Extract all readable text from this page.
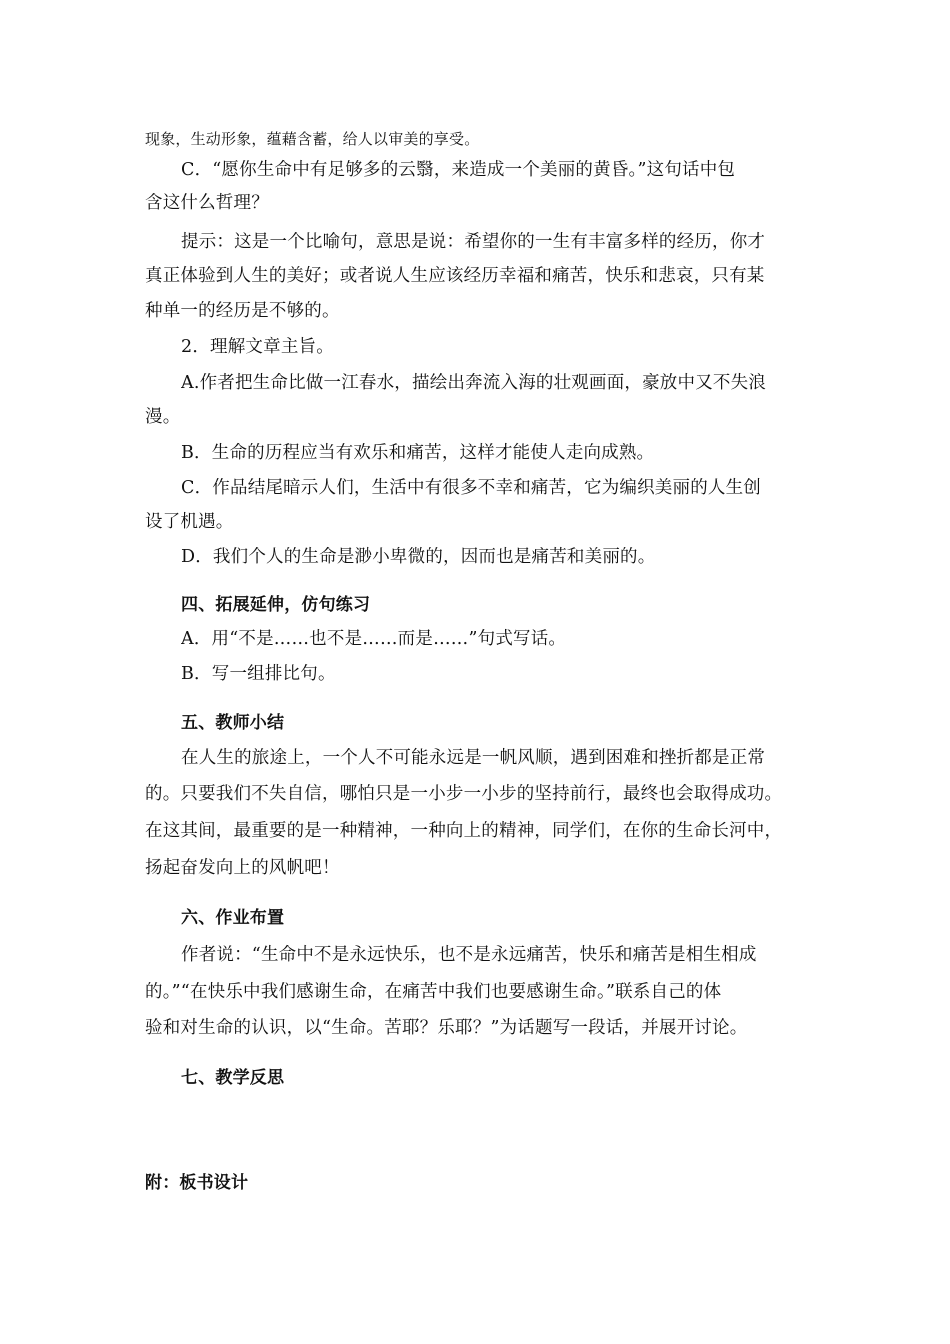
现象，生动形象，蕴藉含蓄，给人以审美的享受。
C．“愿你生命中有足够多的云翳，来造成一个美丽的黄昏。”这句话中包
含这什么哲理？
提示：这是一个比喻句，意思是说：希望你的一生有丰富多样的经历，你才
真正体验到人生的美好；或者说人生应该经历幸福和痛苦，快乐和悲哀，只有某
种单一的经历是不够的。
2．理解文章主旨。
A.作者把生命比做一江春水，描绘出奔流入海的壮观画面，豪放中又不失浪
漫。
B．生命的历程应当有欢乐和痛苦，这样才能使人走向成熟。
C．作品结尾暗示人们，生活中有很多不幸和痛苦，它为编织美丽的人生创
设了机遇。
D．我们个人的生命是渺小卑微的，因而也是痛苦和美丽的。
四、拓展延伸，仿句练习
A．用“不是……也不是……而是……”句式写话。
B．写一组排比句。
五、教师小结
在人生的旅途上，一个人不可能永远是一帆风顺，遇到困难和挫折都是正常
的。只要我们不失自信，哪怕只是一小步一小步的坚持前行，最终也会取得成功。
在这其间，最重要的是一种精神，一种向上的精神，同学们，在你的生命长河中，
扬起奋发向上的风帆吧！
六、作业布置
作者说：“生命中不是永远快乐，也不是永远痛苦，快乐和痛苦是相生相成
的。”“在快乐中我们感谢生命，在痛苦中我们也要感谢生命。”联系自己的体
验和对生命的认识，以“生命。苦耶？乐耶？”为话题写一段话，并展开讨论。
七、教学反思
附：板书设计
